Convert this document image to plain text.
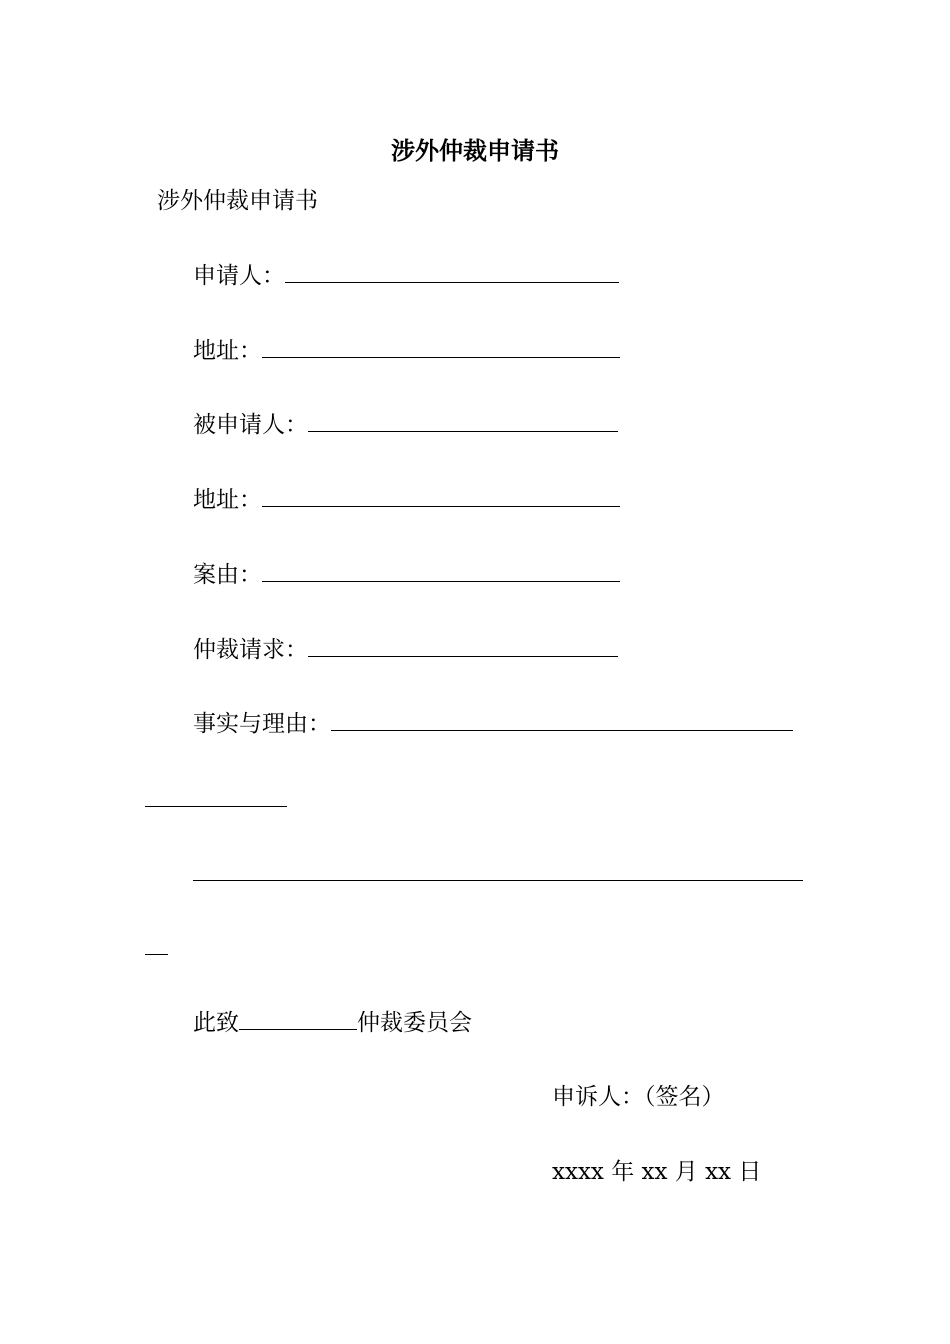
涉外仲裁申请书
涉外仲裁申请书
申请人：
地址：
被申请人：
地址：
案由：
仲裁请求：
事实与理由：
此致	仲裁委员会
申诉人：（签名）
xxxx 年 xx 月 xx 日
